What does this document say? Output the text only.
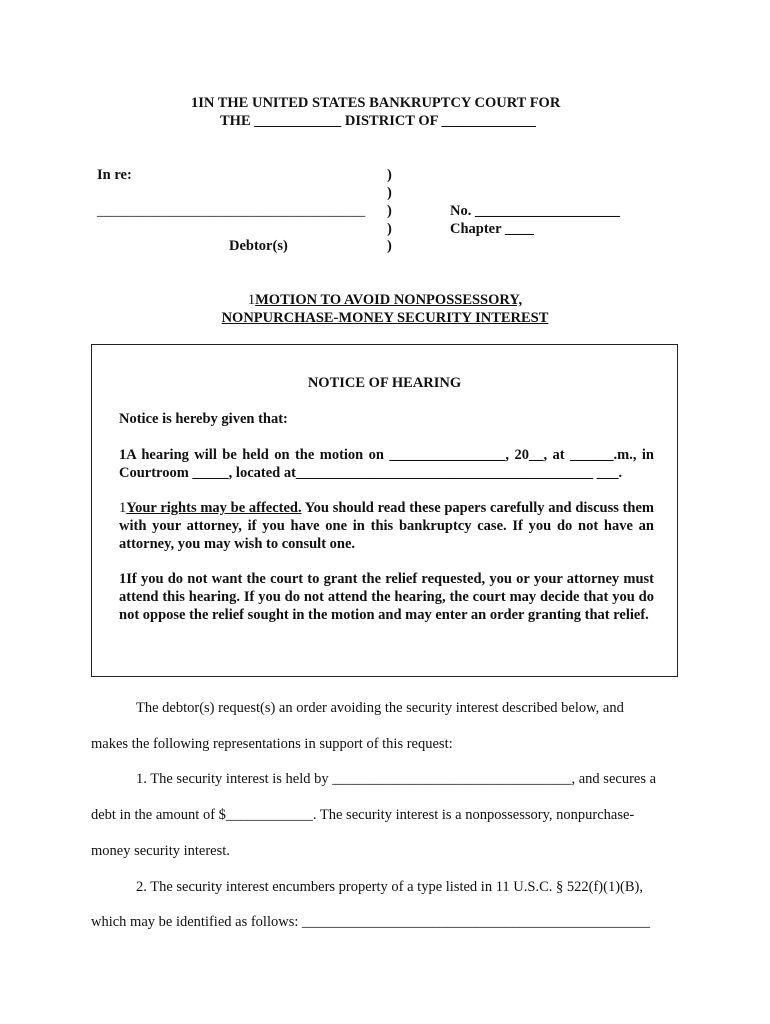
1IN THE UNITED STATES BANKRUPTCY COURT FOR
THE ____________ DISTRICT OF _____________
In re:
_____________________________________
Debtor(s)
)
)
)
)
)
No. ____________________
Chapter ____
1MOTION TO AVOID NONPOSSESSORY,
NONPURCHASE-MONEY SECURITY INTEREST
NOTICE OF HEARING
Notice is hereby given that:
1A hearing will be held on the motion on ________________, 20__, at ______.m., in Courtroom _____, located at_________________________________________ ___.
1Your rights may be affected. You should read these papers carefully and discuss them with your attorney, if you have one in this bankruptcy case. If you do not have an attorney, you may wish to consult one.
1If you do not want the court to grant the relief requested, you or your attorney must attend this hearing. If you do not attend the hearing, the court may decide that you do not oppose the relief sought in the motion and may enter an order granting that relief.
The debtor(s) request(s) an order avoiding the security interest described below, and
makes the following representations in support of this request:
1. The security interest is held by _________________________________, and secures a
debt in the amount of $____________. The security interest is a nonpossessory, nonpurchase-
money security interest.
2. The security interest encumbers property of a type listed in 11 U.S.C. § 522(f)(1)(B),
which may be identified as follows: ________________________________________________
